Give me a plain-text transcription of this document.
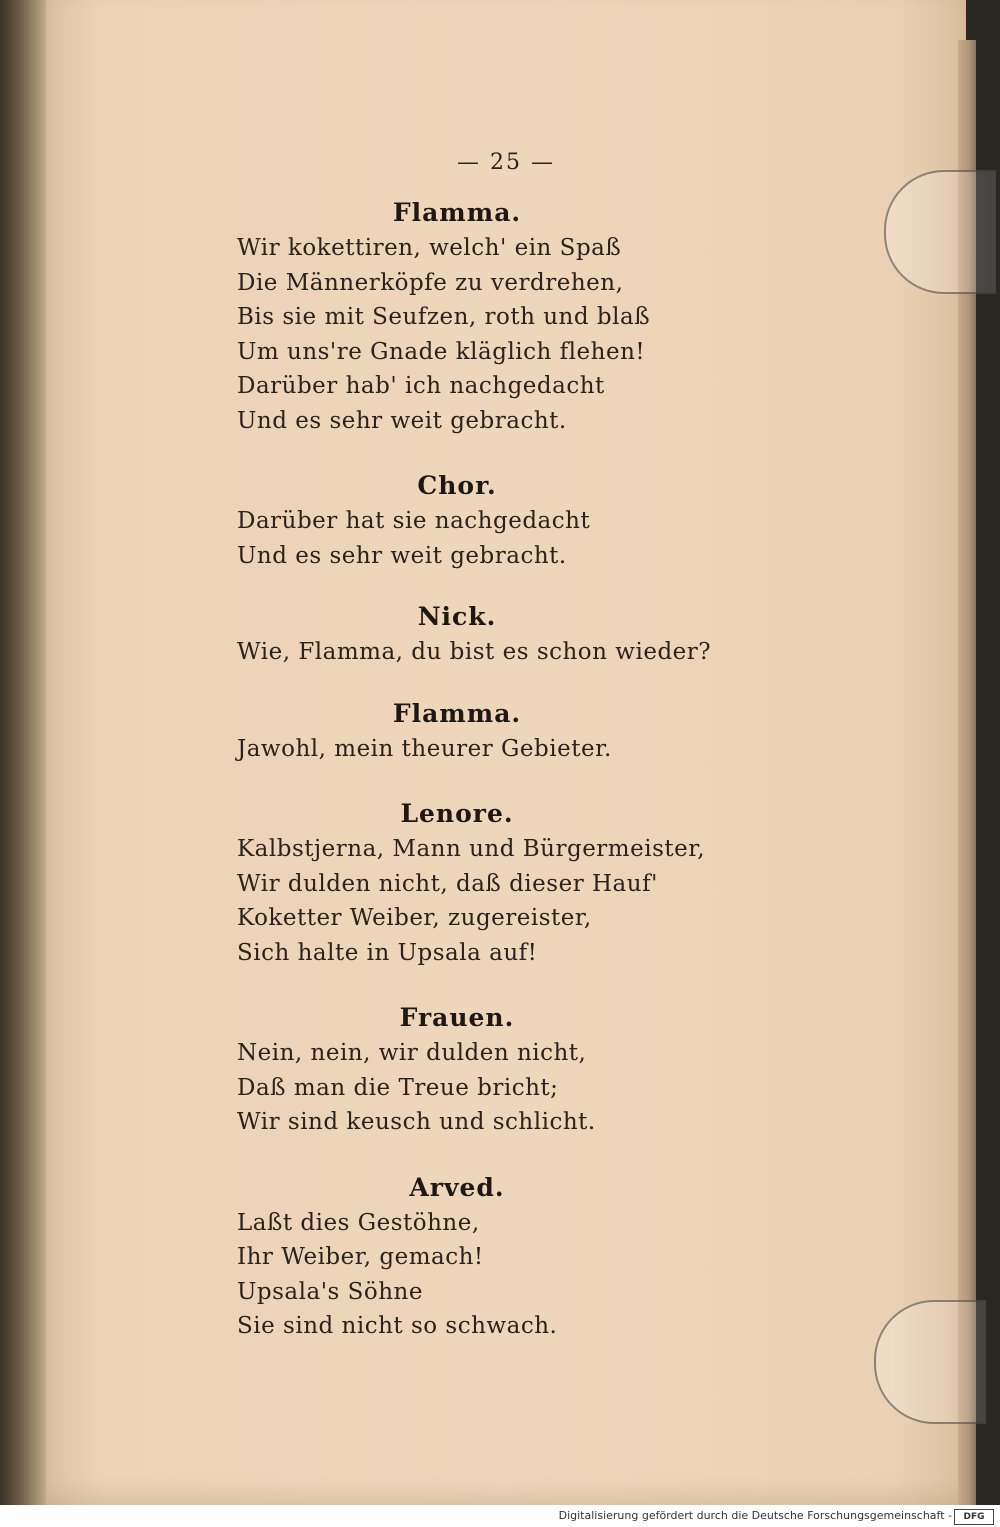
— 25 —
Flamma.
Wir kokettiren, welch' ein Spaß
Die Männerköpfe zu verdrehen,
Bis sie mit Seufzen, roth und blaß
Um uns're Gnade kläglich flehen!
Darüber hab' ich nachgedacht
Und es sehr weit gebracht.
Chor.
Darüber hat sie nachgedacht
Und es sehr weit gebracht.
Nick.
Wie, Flamma, du bist es schon wieder?
Flamma.
Jawohl, mein theurer Gebieter.
Lenore.
Kalbstjerna, Mann und Bürgermeister,
Wir dulden nicht, daß dieser Hauf'
Koketter Weiber, zugereister,
Sich halte in Upsala auf!
Frauen.
Nein, nein, wir dulden nicht,
Daß man die Treue bricht;
Wir sind keusch und schlicht.
Arved.
Laßt dies Gestöhne,
Ihr Weiber, gemach!
Upsala's Söhne
Sie sind nicht so schwach.
Digitalisierung gefördert durch die Deutsche Forschungsgemeinschaft -	DFG
